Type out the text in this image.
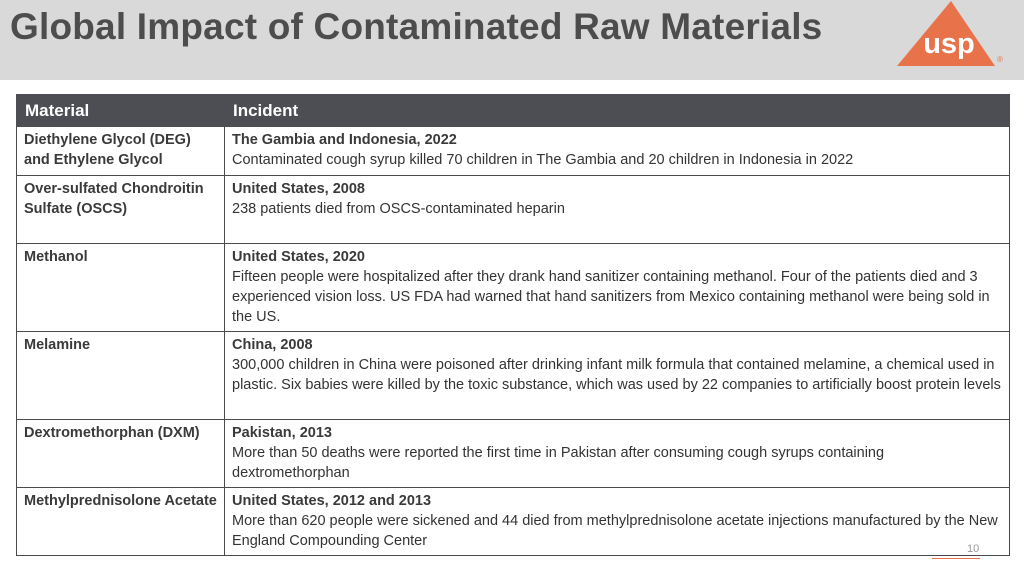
Global Impact of Contaminated Raw Materials	usp	®
Material	Incident
Diethylene Glycol (DEG) and Ethylene Glycol	The Gambia and Indonesia, 2022
Contaminated cough syrup killed 70 children in The Gambia and 20 children in Indonesia in 2022

Over-sulfated Chondroitin Sulfate (OSCS)	United States, 2008
238 patients died from OSCS-contaminated heparin

Methanol	United States, 2020
Fifteen people were hospitalized after they drank hand sanitizer containing methanol. Four of the patients died and 3 experienced vision loss. US FDA had warned that hand sanitizers from Mexico containing methanol were being sold in the US.

Melamine	China, 2008
300,000 children in China were poisoned after drinking infant milk formula that contained melamine, a chemical used in plastic. Six babies were killed by the toxic substance, which was used by 22 companies to artificially boost protein levels

Dextromethorphan (DXM)	Pakistan, 2013
More than 50 deaths were reported the first time in Pakistan after consuming cough syrups containing dextromethorphan

Methylprednisolone Acetate	United States, 2012 and 2013
More than 620 people were sickened and 44 died from methylprednisolone acetate injections manufactured by the New England Compounding Center	10
